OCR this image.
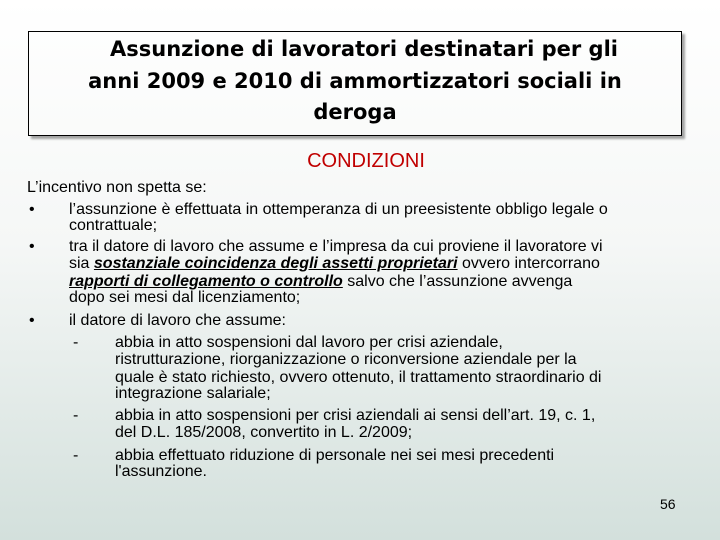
Assunzione di lavoratori destinatari per gli
anni 2009 e 2010 di ammortizzatori sociali in
deroga
CONDIZIONI
L’incentivo non spetta se:
• l’assunzione è effettuata in ottemperanza di un preesistente obbligo legale o
contrattuale;
• tra il datore di lavoro che assume e l’impresa da cui proviene il lavoratore vi
sia sostanziale coincidenza degli assetti proprietari ovvero intercorrano
rapporti di collegamento o controllo salvo che l’assunzione avvenga
dopo sei mesi dal licenziamento;
• il datore di lavoro che assume:
- abbia in atto sospensioni dal lavoro per crisi aziendale,
ristrutturazione, riorganizzazione o riconversione aziendale per la
quale è stato richiesto, ovvero ottenuto, il trattamento straordinario di
integrazione salariale;
- abbia in atto sospensioni per crisi aziendali ai sensi dell’art. 19, c. 1,
del D.L. 185/2008, convertito in L. 2/2009;
- abbia effettuato riduzione di personale nei sei mesi precedenti
l'assunzione.
56
